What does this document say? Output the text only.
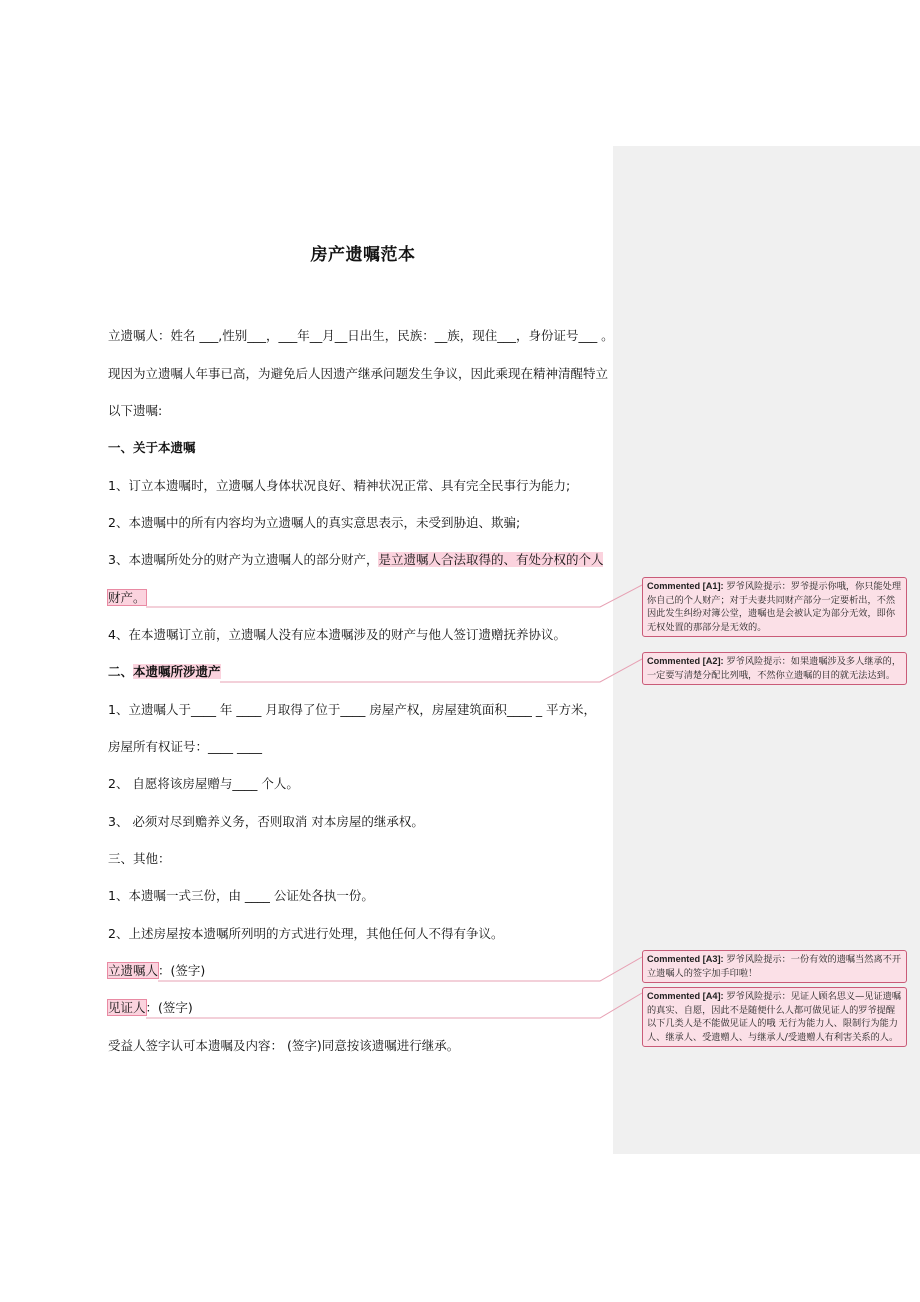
房产遗嘱范本
立遗嘱人：姓名 ___,性别___，___年__月__日出生，民族：__族，现住___，身份证号___ 。
现因为立遗嘱人年事已高，为避免后人因遗产继承问题发生争议，因此乘现在精神清醒特立
以下遗嘱:
一、关于本遗嘱
1、订立本遗嘱时，立遗嘱人身体状况良好、精神状况正常、具有完全民事行为能力;
2、本遗嘱中的所有内容均为立遗嘱人的真实意思表示，未受到胁迫、欺骗;
3、本遗嘱所处分的财产为立遗嘱人的部分财产，是立遗嘱人合法取得的、有处分权的个人
财产。
4、在本遗嘱订立前，立遗嘱人没有应本遗嘱涉及的财产与他人签订遗赠抚养协议。
二、本遗嘱所涉遗产
1、立遗嘱人于____ 年 ____ 月取得了位于____ 房屋产权，房屋建筑面积____ _ 平方米，
房屋所有权证号：____ ____
2、 自愿将该房屋赠与____ 个人。
3、 必须对尽到赡养义务，否则取消 对本房屋的继承权。
三、其他：
1、本遗嘱一式三份，由 ____ 公证处各执一份。
2、上述房屋按本遗嘱所列明的方式进行处理，其他任何人不得有争议。
立遗嘱人：(签字)
见证人：(签字)
受益人签字认可本遗嘱及内容： (签字)同意按该遗嘱进行继承。
Commented [A1]: 罗爷风险提示：罗爷提示你哦，你只能处理你自己的个人财产；对于夫妻共同财产部分一定要析出，不然因此发生纠纷对簿公堂，遗嘱也是会被认定为部分无效，即你无权处置的那部分是无效的。
Commented [A2]: 罗爷风险提示：如果遗嘱涉及多人继承的，一定要写清楚分配比列哦，不然你立遗嘱的目的就无法达到。
Commented [A3]: 罗爷风险提示：一份有效的遗嘱当然离不开立遗嘱人的签字加手印啦！
Commented [A4]: 罗爷风险提示：见证人顾名思义—见证遗嘱的真实、自愿，因此不是随便什么人都可做见证人的罗爷提醒以下几类人是不能做见证人的哦 无行为能力人、限制行为能力人、继承人、受遗赠人、与继承人/受遗赠人有利害关系的人。
